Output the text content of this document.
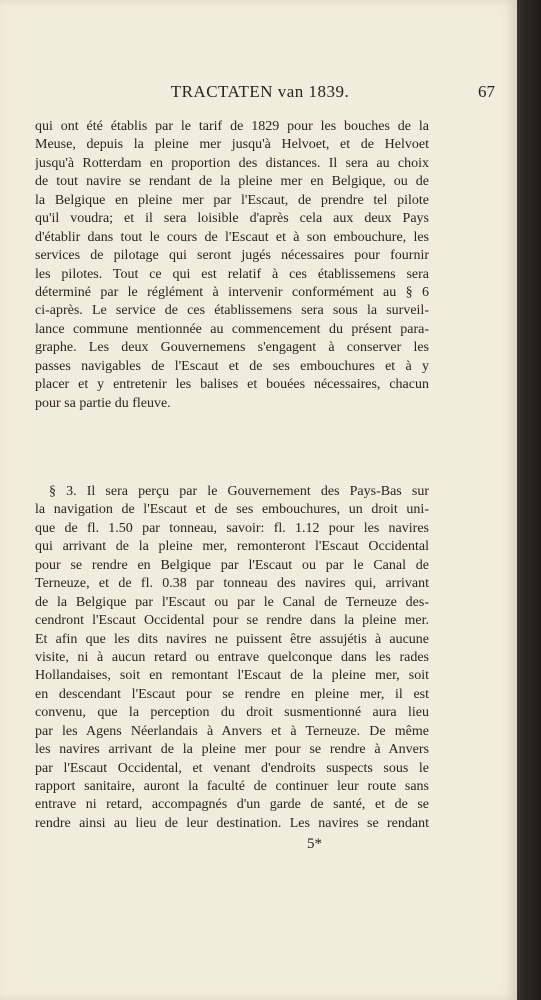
TRACTATEN van 1839.	67
qui ont été établis par le tarif de 1829 pour les bouches de la
Meuse, depuis la pleine mer jusqu'à Helvoet, et de Helvoet
jusqu'à Rotterdam en proportion des distances. Il sera au choix
de tout navire se rendant de la pleine mer en Belgique, ou de
la Belgique en pleine mer par l'Escaut, de prendre tel pilote
qu'il voudra; et il sera loisible d'après cela aux deux Pays
d'établir dans tout le cours de l'Escaut et à son embouchure, les
services de pilotage qui seront jugés nécessaires pour fournir
les pilotes. Tout ce qui est relatif à ces établissemens sera
déterminé par le réglément à intervenir conformément au § 6
ci-après. Le service de ces établissemens sera sous la surveil-
lance commune mentionnée au commencement du présent para-
graphe. Les deux Gouvernemens s'engagent à conserver les
passes navigables de l'Escaut et de ses embouchures et à y
placer et y entretenir les balises et bouées nécessaires, chacun
pour sa partie du fleuve.
§ 3. Il sera perçu par le Gouvernement des Pays-Bas sur
la navigation de l'Escaut et de ses embouchures, un droit uni-
que de fl. 1.50 par tonneau, savoir: fl. 1.12 pour les navires
qui arrivant de la pleine mer, remonteront l'Escaut Occidental
pour se rendre en Belgique par l'Escaut ou par le Canal de
Terneuze, et de fl. 0.38 par tonneau des navires qui, arrivant
de la Belgique par l'Escaut ou par le Canal de Terneuze des-
cendront l'Escaut Occidental pour se rendre dans la pleine mer.
Et afin que les dits navires ne puissent être assujétis à aucune
visite, ni à aucun retard ou entrave quelconque dans les rades
Hollandaises, soit en remontant l'Escaut de la pleine mer, soit
en descendant l'Escaut pour se rendre en pleine mer, il est
convenu, que la perception du droit susmentionné aura lieu
par les Agens Néerlandais à Anvers et à Terneuze. De même
les navires arrivant de la pleine mer pour se rendre à Anvers
par l'Escaut Occidental, et venant d'endroits suspects sous le
rapport sanitaire, auront la faculté de continuer leur route sans
entrave ni retard, accompagnés d'un garde de santé, et de se
rendre ainsi au lieu de leur destination. Les navires se rendant
5*
